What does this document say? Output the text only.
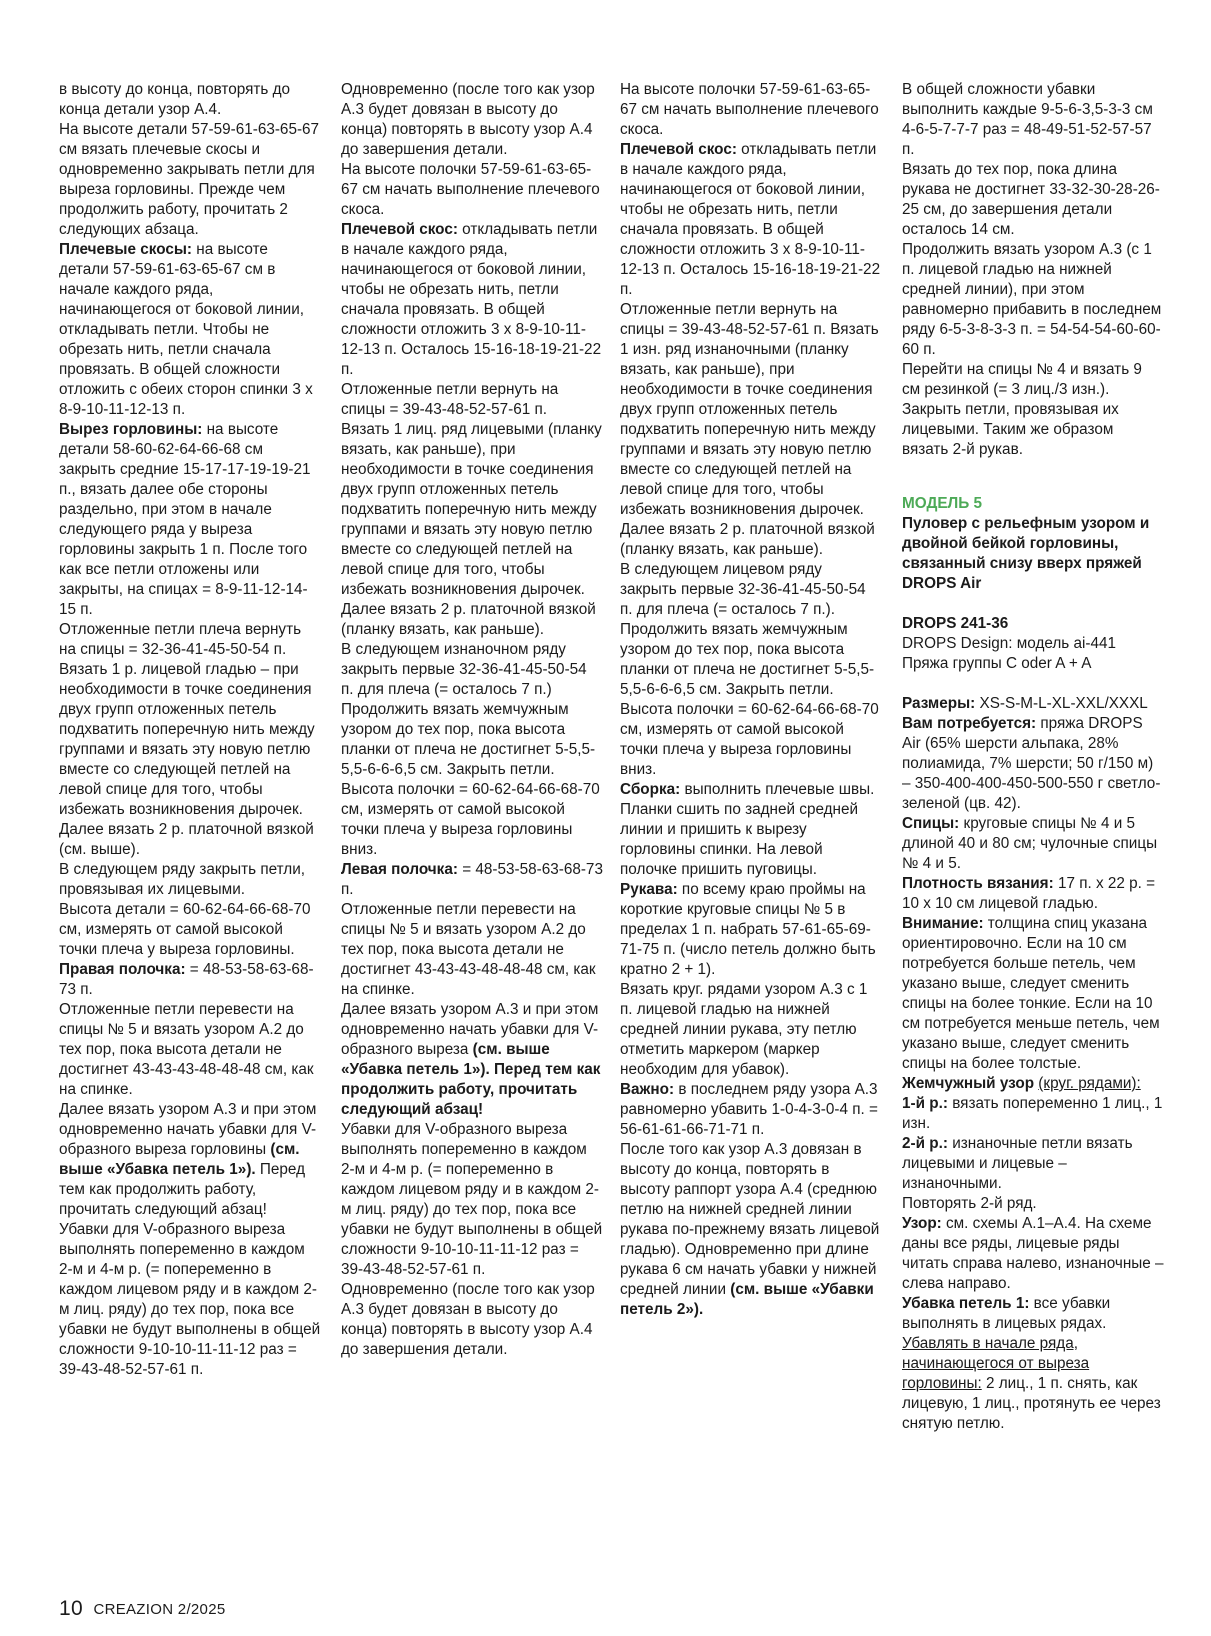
в высоту до конца, повторять до конца детали узор А.4.

На высоте детали 57-59-61-63-65-67 см вязать плечевые скосы и одновременно закрывать петли для выреза горловины. Прежде чем продолжить работу, прочитать 2 следующих абзаца.

Плечевые скосы: на высоте детали 57-59-61-63-65-67 см в начале каждого ряда, начинающегося от боковой линии, откладывать петли. Чтобы не обрезать нить, петли сначала провязать. В общей сложности отложить с обеих сторон спинки 3 х 8-9-10-11-12-13 п.

Вырез горловины: на высоте детали 58-60-62-64-66-68 см закрыть средние 15-17-17-19-19-21 п., вязать далее обе стороны раздельно, при этом в начале следующего ряда у выреза горловины закрыть 1 п. После того как все петли отложены или закрыты, на спицах = 8-9-11-12-14-15 п.

Отложенные петли плеча вернуть на спицы = 32-36-41-45-50-54 п.

Вязать 1 р. лицевой гладью – при необходимости в точке соединения двух групп отложенных петель подхватить поперечную нить между группами и вязать эту новую петлю вместе со следующей петлей на левой спице для того, чтобы избежать возникновения дырочек.

Далее вязать 2 р. платочной вязкой (см. выше).

В следующем ряду закрыть петли, провязывая их лицевыми.

Высота детали = 60-62-64-66-68-70 см, измерять от самой высокой точки плеча у выреза горловины.

Правая полочка: = 48-53-58-63-68-73 п.

Отложенные петли перевести на спицы № 5 и вязать узором А.2 до тех пор, пока высота детали не достигнет 43-43-43-48-48-48 см, как на спинке.

Далее вязать узором А.3 и при этом одновременно начать убавки для V-образного выреза горловины (см. выше «Убавка петель 1»). Перед тем как продолжить работу, прочитать следующий абзац!

Убавки для V-образного выреза выполнять попеременно в каждом 2-м и 4-м р. (= попеременно в каждом лицевом ряду и в каждом 2-м лиц. ряду) до тех пор, пока все убавки не будут выполнены в общей сложности 9-10-10-11-11-12 раз = 39-43-48-52-57-61 п.

Одновременно (после того как узор А.3 будет довязан в высоту до конца) повторять в высоту узор А.4 до завершения детали.

На высоте полочки 57-59-61-63-65-67 см начать выполнение плечевого скоса.

Плечевой скос: откладывать петли в начале каждого ряда, начинающегося от боковой линии, чтобы не обрезать нить, петли сначала провязать. В общей сложности отложить 3 х 8-9-10-11-12-13 п. Осталось 15-16-18-19-21-22 п.

Отложенные петли вернуть на спицы = 39-43-48-52-57-61 п.

Вязать 1 лиц. ряд лицевыми (планку вязать, как раньше), при необходимости в точке соединения двух групп отложенных петель подхватить поперечную нить между группами и вязать эту новую петлю вместе со следующей петлей на левой спице для того, чтобы избежать возникновения дырочек.

Далее вязать 2 р. платочной вязкой (планку вязать, как раньше).

В следующем изнаночном ряду закрыть первые 32-36-41-45-50-54 п. для плеча (= осталось 7 п.)

Продолжить вязать жемчужным узором до тех пор, пока высота планки от плеча не достигнет 5-5,5-5,5-6-6-6,5 см. Закрыть петли.

Высота полочки = 60-62-64-66-68-70 см, измерять от самой высокой точки плеча у выреза горловины вниз.

Левая полочка: = 48-53-58-63-68-73 п.

Отложенные петли перевести на спицы № 5 и вязать узором А.2 до тех пор, пока высота детали не достигнет 43-43-43-48-48-48 см, как на спинке.

Далее вязать узором А.3 и при этом одновременно начать убавки для V-образного выреза (см. выше «Убавка петель 1»). Перед тем как продолжить работу, прочитать следующий абзац!

Убавки для V-образного выреза выполнять попеременно в каждом 2-м и 4-м р. (= попеременно в каждом лицевом ряду и в каждом 2-м лиц. ряду) до тех пор, пока все убавки не будут выполнены в общей сложности 9-10-10-11-11-12 раз = 39-43-48-52-57-61 п.

Одновременно (после того как узор А.3 будет довязан в высоту до конца) повторять в высоту узор А.4 до завершения детали.

На высоте полочки 57-59-61-63-65-67 см начать выполнение плечевого скоса.

Плечевой скос: откладывать петли в начале каждого ряда, начинающегося от боковой линии, чтобы не обрезать нить, петли сначала провязать. В общей сложности отложить 3 х 8-9-10-11-12-13 п. Осталось 15-16-18-19-21-22 п.

Отложенные петли вернуть на спицы = 39-43-48-52-57-61 п. Вязать 1 изн. ряд изнаночными (планку вязать, как раньше), при необходимости в точке соединения двух групп отложенных петель подхватить поперечную нить между группами и вязать эту новую петлю вместе со следующей петлей на левой спице для того, чтобы избежать возникновения дырочек.

Далее вязать 2 р. платочной вязкой (планку вязать, как раньше).

В следующем лицевом ряду закрыть первые 32-36-41-45-50-54 п. для плеча (= осталось 7 п.).

Продолжить вязать жемчужным узором до тех пор, пока высота планки от плеча не достигнет 5-5,5-5,5-6-6-6,5 см. Закрыть петли.

Высота полочки = 60-62-64-66-68-70 см, измерять от самой высокой точки плеча у выреза горловины вниз.

Сборка: выполнить плечевые швы. Планки сшить по задней средней линии и пришить к вырезу горловины спинки. На левой полочке пришить пуговицы.

Рукава: по всему краю проймы на короткие круговые спицы № 5 в пределах 1 п. набрать 57-61-65-69-71-75 п. (число петель должно быть кратно 2 + 1).

Вязать круг. рядами узором А.3 с 1 п. лицевой гладью на нижней средней линии рукава, эту петлю отметить маркером (маркер необходим для убавок).

Важно: в последнем ряду узора А.3 равномерно убавить 1-0-4-3-0-4 п. = 56-61-61-66-71-71 п.

После того как узор А.3 довязан в высоту до конца, повторять в высоту раппорт узора А.4 (среднюю петлю на нижней средней линии рукава по-прежнему вязать лицевой гладью). Одновременно при длине рукава 6 см начать убавки у нижней средней линии (см. выше «Убавки петель 2»).

В общей сложности убавки выполнить каждые 9-5-6-3,5-3-3 см 4-6-5-7-7-7 раз = 48-49-51-52-57-57 п.

Вязать до тех пор, пока длина рукава не достигнет 33-32-30-28-26-25 см, до завершения детали осталось 14 см.

Продолжить вязать узором А.3 (с 1 п. лицевой гладью на нижней средней линии), при этом равномерно прибавить в последнем ряду 6-5-3-8-3-3 п. = 54-54-54-60-60-60 п.

Перейти на спицы № 4 и вязать 9 см резинкой (= 3 лиц./3 изн.). Закрыть петли, провязывая их лицевыми. Таким же образом вязать 2-й рукав.

МОДЕЛЬ 5

Пуловер с рельефным узором и двойной бейкой горловины, связанный снизу вверх пряжей DROPS Air

DROPS 241-36

DROPS Design: модель ai-441

Пряжа группы C oder A + A

Размеры: XS-S-M-L-XL-XXL/XXXL

Вам потребуется: пряжа DROPS Air (65% шерсти альпака, 28% полиамида, 7% шерсти; 50 г/150 м) – 350-400-400-450-500-550 г светло-зеленой (цв. 42).

Спицы: круговые спицы № 4 и 5 длиной 40 и 80 см; чулочные спицы № 4 и 5.

Плотность вязания: 17 п. х 22 р. = 10 х 10 см лицевой гладью.

Внимание: толщина спиц указана ориентировочно. Если на 10 см потребуется больше петель, чем указано выше, следует сменить спицы на более тонкие. Если на 10 см потребуется меньше петель, чем указано выше, следует сменить спицы на более толстые.

Жемчужный узор (круг. рядами):

1-й р.: вязать попеременно 1 лиц., 1 изн.

2-й р.: изнаночные петли вязать лицевыми и лицевые – изнаночными.

Повторять 2-й ряд.

Узор: см. схемы А.1–А.4. На схеме даны все ряды, лицевые ряды читать справа налево, изнаночные – слева направо.

Убавка петель 1: все убавки выполнять в лицевых рядах. Убавлять в начале ряда, начинающегося от выреза горловины: 2 лиц., 1 п. снять, как лицевую, 1 лиц., протянуть ее через снятую петлю.

10 CREAZION 2/2025
